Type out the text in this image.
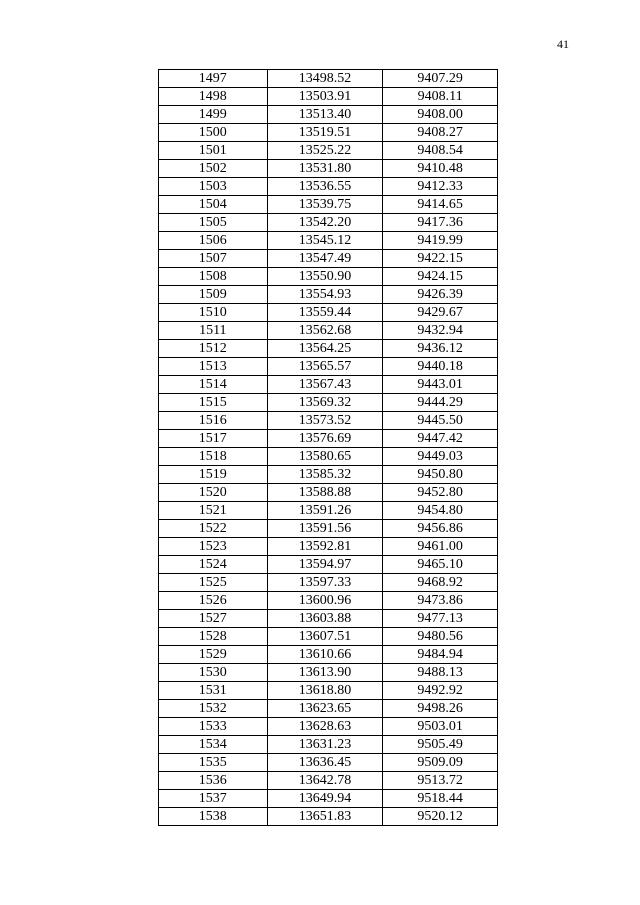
41
1497	13498.52	9407.29
1498	13503.91	9408.11
1499	13513.40	9408.00
1500	13519.51	9408.27
1501	13525.22	9408.54
1502	13531.80	9410.48
1503	13536.55	9412.33
1504	13539.75	9414.65
1505	13542.20	9417.36
1506	13545.12	9419.99
1507	13547.49	9422.15
1508	13550.90	9424.15
1509	13554.93	9426.39
1510	13559.44	9429.67
1511	13562.68	9432.94
1512	13564.25	9436.12
1513	13565.57	9440.18
1514	13567.43	9443.01
1515	13569.32	9444.29
1516	13573.52	9445.50
1517	13576.69	9447.42
1518	13580.65	9449.03
1519	13585.32	9450.80
1520	13588.88	9452.80
1521	13591.26	9454.80
1522	13591.56	9456.86
1523	13592.81	9461.00
1524	13594.97	9465.10
1525	13597.33	9468.92
1526	13600.96	9473.86
1527	13603.88	9477.13
1528	13607.51	9480.56
1529	13610.66	9484.94
1530	13613.90	9488.13
1531	13618.80	9492.92
1532	13623.65	9498.26
1533	13628.63	9503.01
1534	13631.23	9505.49
1535	13636.45	9509.09
1536	13642.78	9513.72
1537	13649.94	9518.44
1538	13651.83	9520.12
